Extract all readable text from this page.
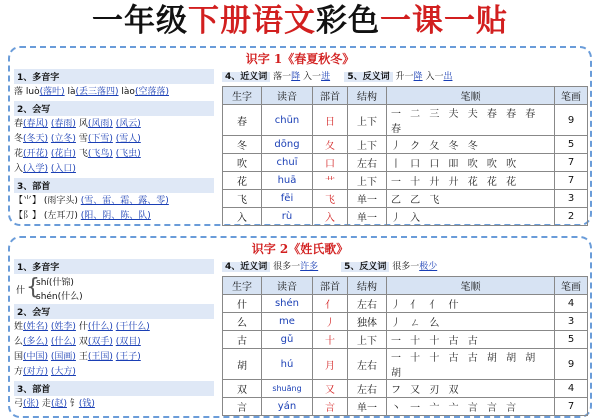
一年级下册语文彩色一课一贴
识字 1《春夏秋冬》
1、多音字
落 luò(落叶) là(丢三落四) lào(空落落)
2、会写
春(春风) (春雨) 风(风雨) (风云)
冬(冬天) (立冬) 雪(下雪) (雪人)
花(开花) (花白) 飞(飞鸟) (飞虫)
入(入学) (入口)
3、部首
【⺌】 (雨字头) (雪、雷、霜、露、零)
【阝】 (左耳刀) (阳、阴、陈、队)
4、近义词 落一降 入一进 5、反义词 升一降 入一出
生字	读音	部首	结构	笔顺	笔画
春	chūn	日	上下	一 二 三 夫 夫 春 春 春 春	9
冬	dōng	夂	上下	丿 ク 夂 冬 冬	5
吹	chuī	口	左右	丨 口 口 吅 吹 吹 吹	7
花	huā	艹	上下	一 十 廾 廾 花 花 花	7
飞	fēi	飞	单一	乙 乙 飞	3
入	rù	入	单一	丿 入	2
识字 2《姓氏歌》
1、多音字
什 {
shí(什锦)
shén(什么)
2、会写
姓(姓名) (姓李) 什(什么) (干什么)
么(多么) (什么) 双(双手) (双目)
国(中国) (国画) 王(王国) (王子)
方(对方) (大方)
3、部首
弓(张) 走(赵) 钅(钱)
4、近义词 很多一许多	5、反义词 很多一极少
生字	读音	部首	结构	笔顺	笔画
什	shén	亻	左右	丿 亻 亻 什	4
么	me	丿	独体	丿 ㄥ 么	3
古	gǔ	十	上下	一 十 十 古 古	5
胡	hú	月	左右	一 十 十 古 古 胡 胡 胡 胡	9
双	shuāng	又	左右	フ 又 刃 双	4
言	yán	言	单一	丶 一 亠 亠 言 言 言	7
